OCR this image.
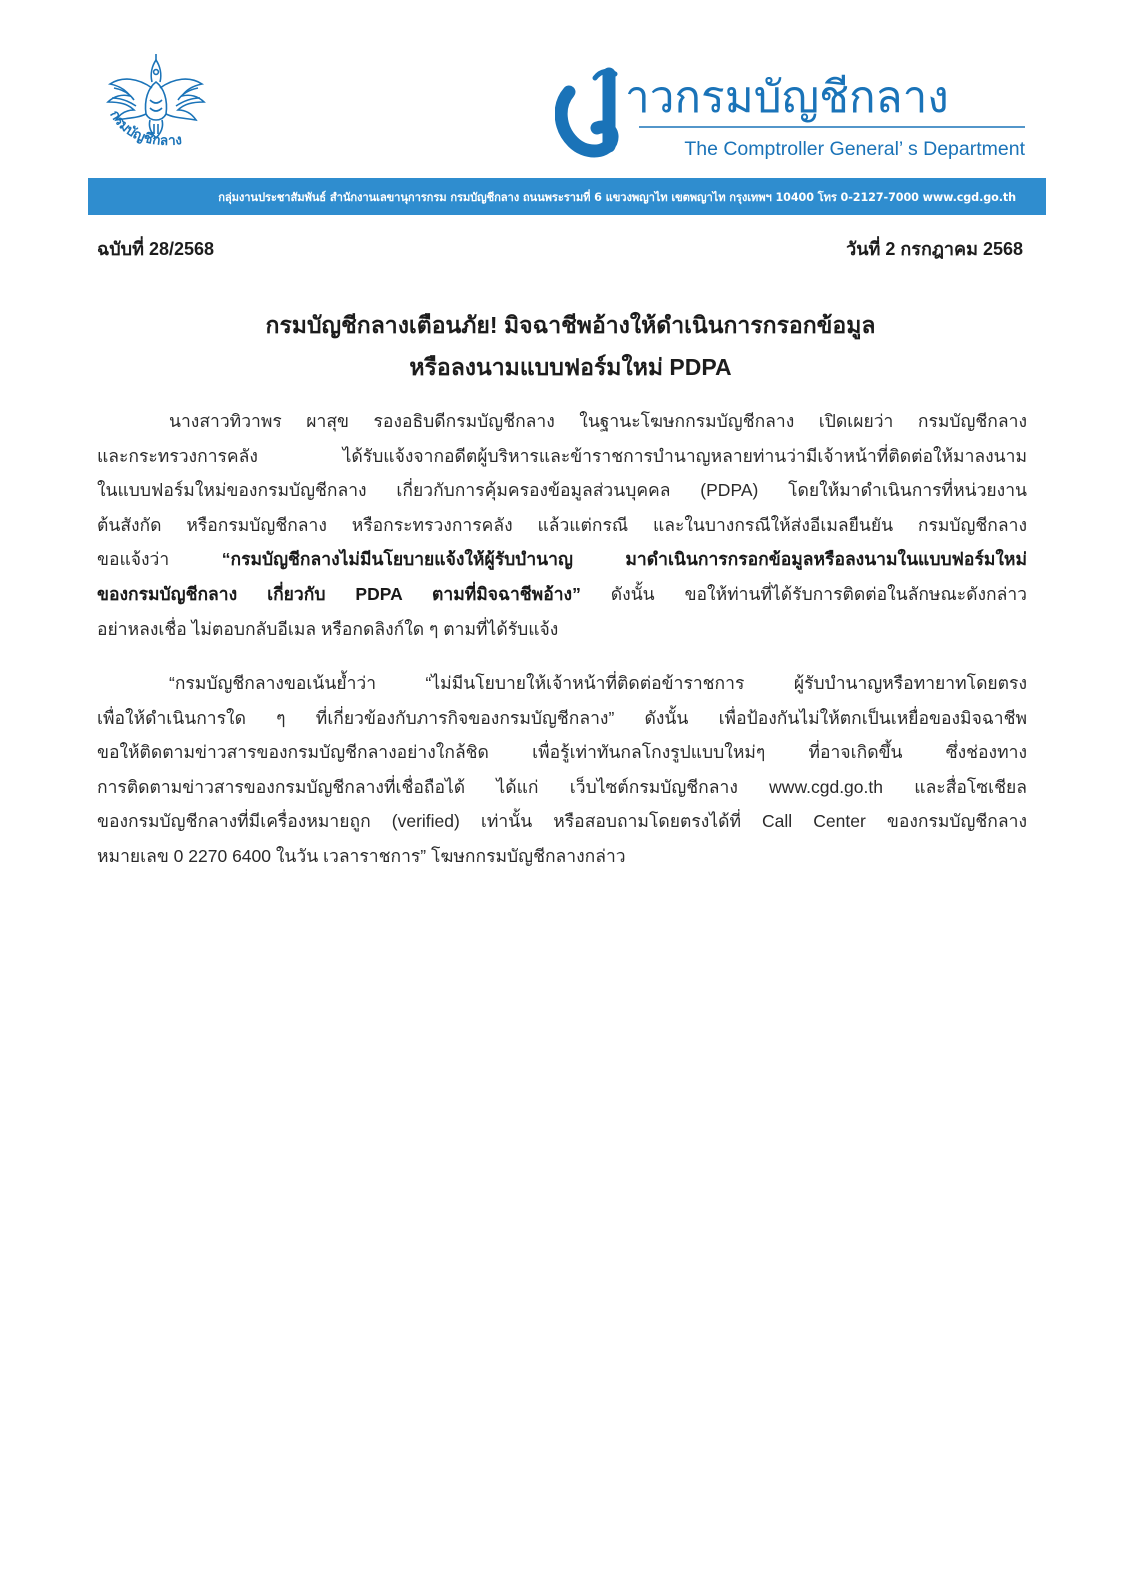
กรมบัญชีกลาง
าวกรมบัญชีกลาง
The Comptroller General’ s Department
กลุ่มงานประชาสัมพันธ์ สำนักงานเลขานุการกรม กรมบัญชีกลาง ถนนพระรามที่ 6 แขวงพญาไท เขตพญาไท กรุงเทพฯ 10400 โทร 0-2127-7000 www.cgd.go.th
ฉบับที่ 28/2568	วันที่ 2 กรกฎาคม 2568
กรมบัญชีกลางเตือนภัย! มิจฉาชีพอ้างให้ดำเนินการกรอกข้อมูล
หรือลงนามแบบฟอร์มใหม่ PDPA
นางสาวทิวาพร ผาสุข รองอธิบดีกรมบัญชีกลาง ในฐานะโฆษกกรมบัญชีกลาง เปิดเผยว่า กรมบัญชีกลาง
และกระทรวงการคลัง ได้รับแจ้งจากอดีตผู้บริหารและข้าราชการบำนาญหลายท่านว่ามีเจ้าหน้าที่ติดต่อให้มาลงนาม
ในแบบฟอร์มใหม่ของกรมบัญชีกลาง เกี่ยวกับการคุ้มครองข้อมูลส่วนบุคคล (PDPA) โดยให้มาดำเนินการที่หน่วยงาน
ต้นสังกัด หรือกรมบัญชีกลาง หรือกระทรวงการคลัง แล้วแต่กรณี และในบางกรณีให้ส่งอีเมลยืนยัน กรมบัญชีกลาง
ขอแจ้งว่า “กรมบัญชีกลางไม่มีนโยบายแจ้งให้ผู้รับบำนาญ มาดำเนินการกรอกข้อมูลหรือลงนามในแบบฟอร์มใหม่
ของกรมบัญชีกลาง เกี่ยวกับ PDPA ตามที่มิจฉาชีพอ้าง” ดังนั้น ขอให้ท่านที่ได้รับการติดต่อในลักษณะดังกล่าว
อย่าหลงเชื่อ ไม่ตอบกลับอีเมล หรือกดลิงก์ใด ๆ ตามที่ได้รับแจ้ง
“กรมบัญชีกลางขอเน้นย้ำว่า “ไม่มีนโยบายให้เจ้าหน้าที่ติดต่อข้าราชการ ผู้รับบำนาญหรือทายาทโดยตรง
เพื่อให้ดำเนินการใด ๆ ที่เกี่ยวข้องกับภารกิจของกรมบัญชีกลาง” ดังนั้น เพื่อป้องกันไม่ให้ตกเป็นเหยื่อของมิจฉาชีพ
ขอให้ติดตามข่าวสารของกรมบัญชีกลางอย่างใกล้ชิด เพื่อรู้เท่าทันกลโกงรูปแบบใหม่ๆ ที่อาจเกิดขึ้น ซึ่งช่องทาง
การติดตามข่าวสารของกรมบัญชีกลางที่เชื่อถือได้ ได้แก่ เว็บไซต์กรมบัญชีกลาง www.cgd.go.th และสื่อโซเชียล
ของกรมบัญชีกลางที่มีเครื่องหมายถูก (verified) เท่านั้น หรือสอบถามโดยตรงได้ที่ Call Center ของกรมบัญชีกลาง
หมายเลข 0 2270 6400 ในวัน เวลาราชการ” โฆษกกรมบัญชีกลางกล่าว
